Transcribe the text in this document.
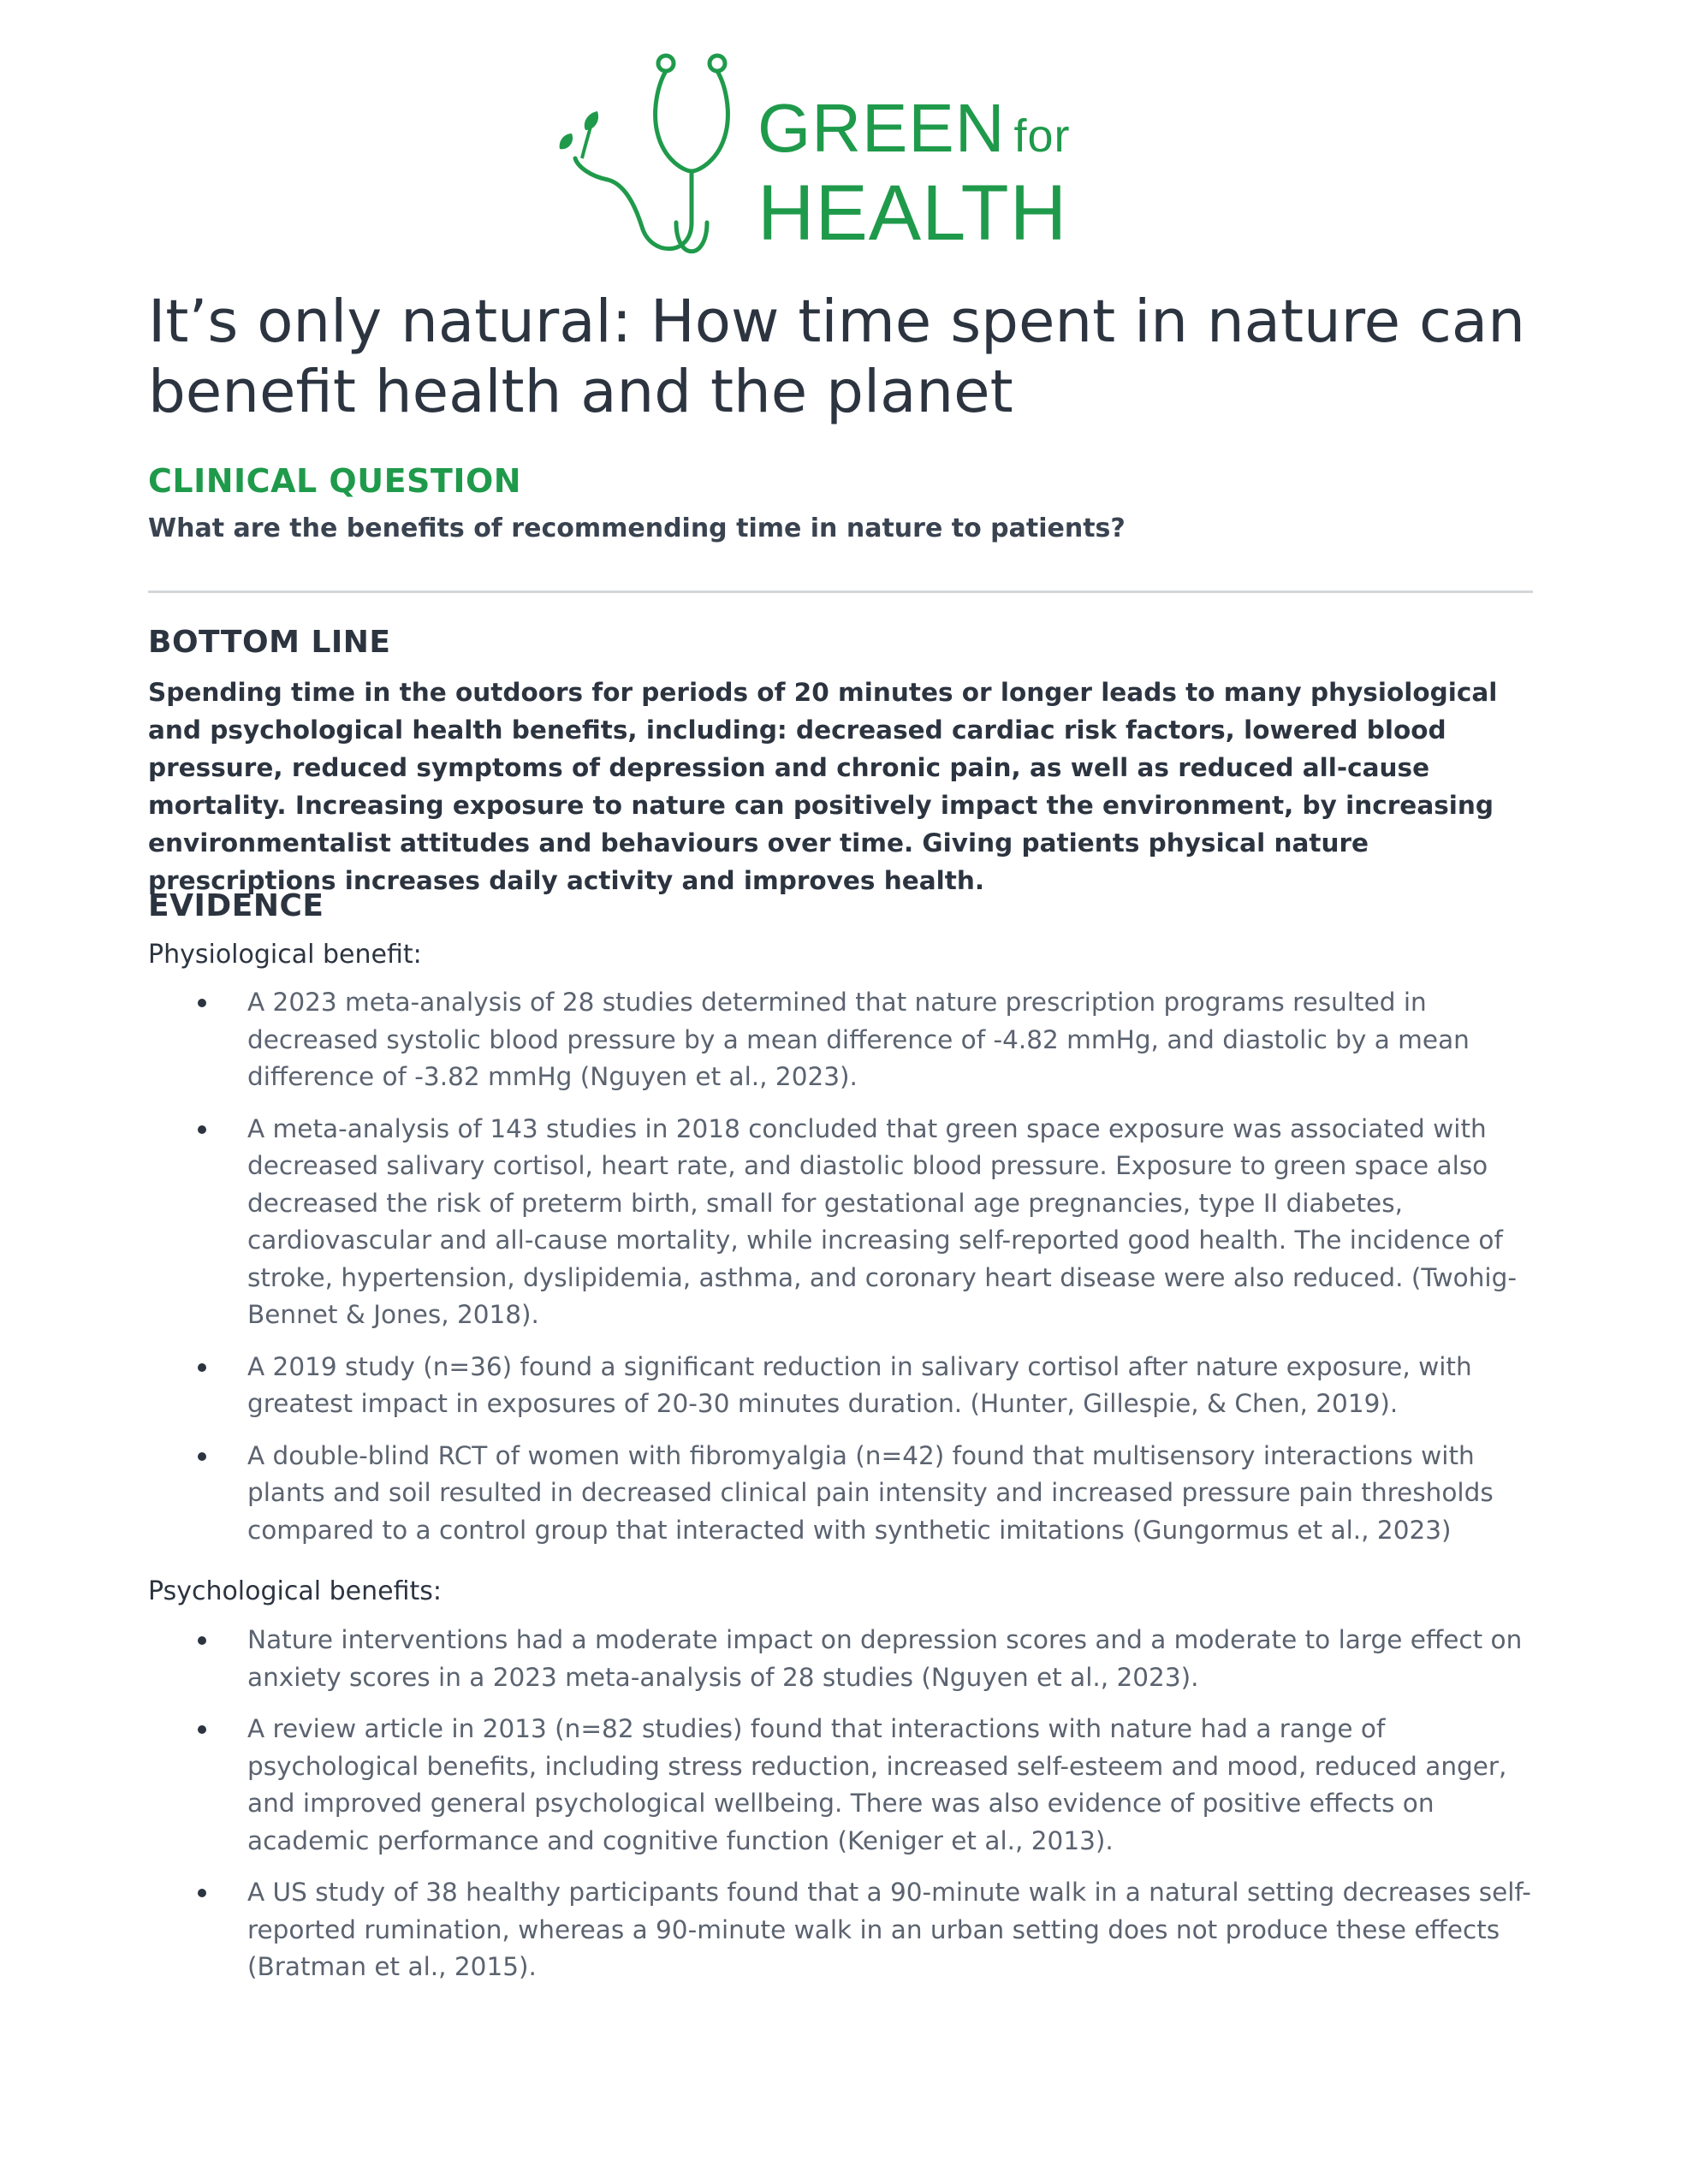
GREEN for
HEALTH
It’s only natural: How time spent in nature can benefit health and the planet
CLINICAL QUESTION

What are the benefits of recommending time in nature to patients?

BOTTOM LINE

Spending time in the outdoors for periods of 20 minutes or longer leads to many physiological and psychological health benefits, including: decreased cardiac risk factors, lowered blood pressure, reduced symptoms of depression and chronic pain, as well as reduced all-cause mortality. Increasing exposure to nature can positively impact the environment, by increasing environmentalist attitudes and behaviours over time. Giving patients physical nature prescriptions increases daily activity and improves health.

EVIDENCE

Physiological benefit:

A 2023 meta-analysis of 28 studies determined that nature prescription programs resulted in decreased systolic blood pressure by a mean difference of -4.82 mmHg, and diastolic by a mean difference of -3.82 mmHg (Nguyen et al., 2023).
A meta-analysis of 143 studies in 2018 concluded that green space exposure was associated with decreased salivary cortisol, heart rate, and diastolic blood pressure. Exposure to green space also decreased the risk of preterm birth, small for gestational age pregnancies, type II diabetes, cardiovascular and all-cause mortality, while increasing self-reported good health. The incidence of stroke, hypertension, dyslipidemia, asthma, and coronary heart disease were also reduced. (Twohig-Bennet & Jones, 2018).
A 2019 study (n=36) found a significant reduction in salivary cortisol after nature exposure, with greatest impact in exposures of 20-30 minutes duration. (Hunter, Gillespie, & Chen, 2019).
A double-blind RCT of women with fibromyalgia (n=42) found that multisensory interactions with plants and soil resulted in decreased clinical pain intensity and increased pressure pain thresholds compared to a control group that interacted with synthetic imitations (Gungormus et al., 2023)

Psychological benefits:

Nature interventions had a moderate impact on depression scores and a moderate to large effect on anxiety scores in a 2023 meta-analysis of 28 studies (Nguyen et al., 2023).
A review article in 2013 (n=82 studies) found that interactions with nature had a range of psychological benefits, including stress reduction, increased self-esteem and mood, reduced anger, and improved general psychological wellbeing. There was also evidence of positive effects on academic performance and cognitive function (Keniger et al., 2013).
A US study of 38 healthy participants found that a 90-minute walk in a natural setting decreases self-reported rumination, whereas a 90-minute walk in an urban setting does not produce these effects (Bratman et al., 2015).
